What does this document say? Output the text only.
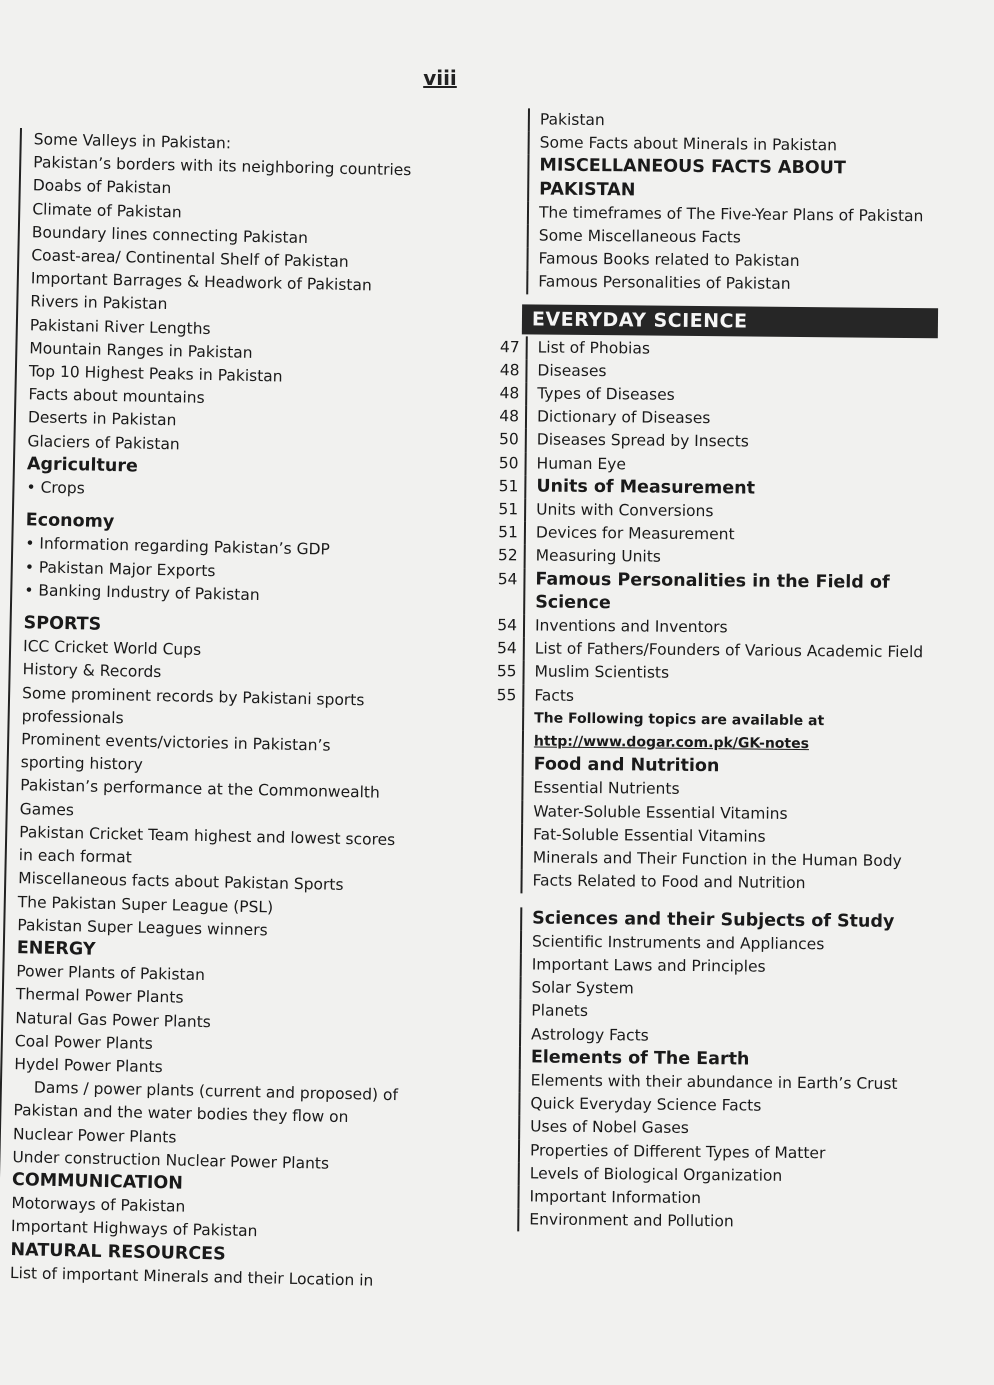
viii
Some Valleys in Pakistan:
Pakistan’s borders with its neighboring countries
Doabs of Pakistan
Climate of Pakistan
Boundary lines connecting Pakistan
Coast-area/ Continental Shelf of Pakistan
Important Barrages & Headwork of Pakistan
Rivers in Pakistan
Pakistani River Lengths
Mountain Ranges in Pakistan
Top 10 Highest Peaks in Pakistan
Facts about mountains
Deserts in Pakistan
Glaciers of Pakistan
Agriculture
• Crops
Economy
• Information regarding Pakistan’s GDP
• Pakistan Major Exports
• Banking Industry of Pakistan
SPORTS
ICC Cricket World Cups
History & Records
Some prominent records by Pakistani sports
professionals
Prominent events/victories in Pakistan’s
sporting history
Pakistan’s performance at the Commonwealth
Games
Pakistan Cricket Team highest and lowest scores
in each format
Miscellaneous facts about Pakistan Sports
The Pakistan Super League (PSL)
Pakistan Super Leagues winners
ENERGY
Power Plants of Pakistan
Thermal Power Plants
Natural Gas Power Plants
Coal Power Plants
Hydel Power Plants
Dams / power plants (current and proposed) of
Pakistan and the water bodies they flow on
Nuclear Power Plants
Under construction Nuclear Power Plants
COMMUNICATION
Motorways of Pakistan
Important Highways of Pakistan
NATURAL RESOURCES
List of important Minerals and their Location in
Pakistan
Some Facts about Minerals in Pakistan
MISCELLANEOUS FACTS ABOUT PAKISTAN
The timeframes of The Five-Year Plans of Pakistan
Some Miscellaneous Facts
Famous Books related to Pakistan
Famous Personalities of Pakistan
EVERYDAY SCIENCE
47	List of Phobias
48	Diseases
48	Types of Diseases
48	Dictionary of Diseases
50	Diseases Spread by Insects
50	Human Eye
51	Units of Measurement
51	Units with Conversions
51	Devices for Measurement
52	Measuring Units
54	Famous Personalities in the Field of Science
54	Inventions and Inventors
54	List of Fathers/Founders of Various Academic Field
55	Muslim Scientists
55	Facts
The Following topics are available at
http://www.dogar.com.pk/GK-notes
Food and Nutrition
Essential Nutrients
Water-Soluble Essential Vitamins
Fat-Soluble Essential Vitamins
Minerals and Their Function in the Human Body
Facts Related to Food and Nutrition
Sciences and their Subjects of Study
Scientific Instruments and Appliances
Important Laws and Principles
Solar System
Planets
Astrology Facts
Elements of The Earth
Elements with their abundance in Earth’s Crust
Quick Everyday Science Facts
Uses of Nobel Gases
Properties of Different Types of Matter
Levels of Biological Organization
Important Information
Environment and Pollution
